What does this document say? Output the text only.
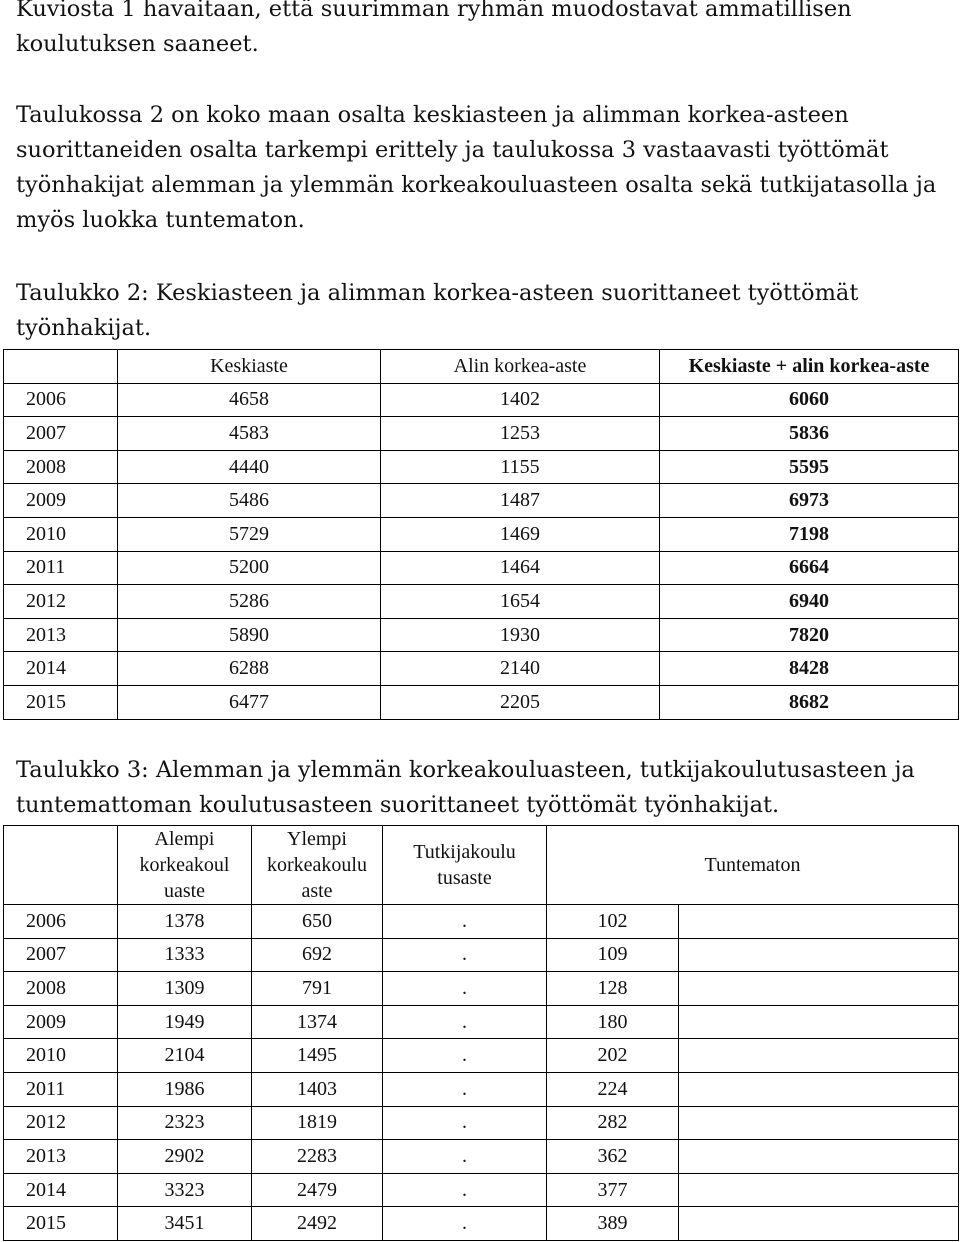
Kuviosta 1 havaitaan, että suurimman ryhmän muodostavat ammatillisen
koulutuksen saaneet.

Taulukossa 2 on koko maan osalta keskiasteen ja alimman korkea-asteen
suorittaneiden osalta tarkempi erittely ja taulukossa 3 vastaavasti työttömät
työnhakijat alemman ja ylemmän korkeakouluasteen osalta sekä tutkijatasolla ja
myös luokka tuntematon.

Taulukko 2: Keskiasteen ja alimman korkea-asteen suorittaneet työttömät
työnhakijat.

	Keskiaste	Alin korkea-aste	Keskiaste + alin korkea-aste
2006	4658	1402	6060
2007	4583	1253	5836
2008	4440	1155	5595
2009	5486	1487	6973
2010	5729	1469	7198
2011	5200	1464	6664
2012	5286	1654	6940
2013	5890	1930	7820
2014	6288	2140	8428
2015	6477	2205	8682

Taulukko 3: Alemman ja ylemmän korkeakouluasteen, tutkijakoulutusasteen ja
tuntemattoman koulutusasteen suorittaneet työttömät työnhakijat.

	Alempi
korkeakoul
uaste	Ylempi
korkeakoulu
aste	Tutkijakoulu
tusaste	Tuntematon	
2006	1378	650	.	102	
2007	1333	692	.	109	
2008	1309	791	.	128	
2009	1949	1374	.	180	
2010	2104	1495	.	202	
2011	1986	1403	.	224	
2012	2323	1819	.	282	
2013	2902	2283	.	362	
2014	3323	2479	.	377	
2015	3451	2492	.	389	
